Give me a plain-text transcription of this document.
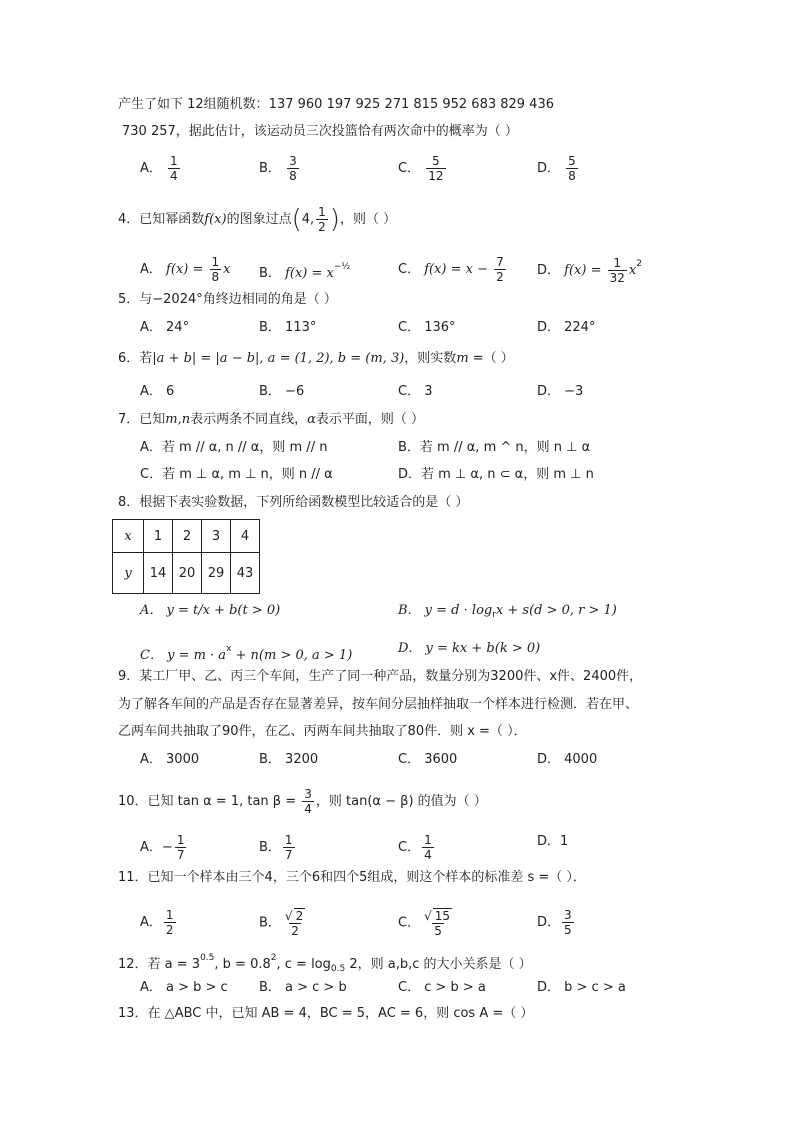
产生了如下 12组随机数：137 960 197 925 271 815 952 683 829 436
730 257，据此估计，该运动员三次投篮恰有两次命中的概率为（ ）
A． $\frac{1}{4}$	B． $\frac{3}{8}$	C． $\frac{5}{12}$	D． $\frac{5}{8}$
4．已知幂函数f(x)的图象过点(4, $\frac{1}{2}$ )，则（ ）
A． $f(x) = \frac{1}{8}$ x B． $f(x) = x^{-\frac{1}{2}}$	C． $f(x) = x - \frac{7}{2}$ D． $f(x) = \frac{1}{32} x^2$
5．与−2024°角终边相同的角是（ ）
A． 24°	B． 113°	C． 136°	D． 224°
6．若|a + b| = |a − b|, a = (1, 2), b = (m, 3)，则实数m =（ ）
A． 6	B． −6	C． 3	D． −3
7．已知m,n表示两条不同直线，α表示平面，则（ ）
A．若 m // α, n // α，则 m // n	B．若 m // α, m ^ n，则 n ⊥ α
C．若 m ⊥ α, m ⊥ n，则 n // α	D．若 m ⊥ α, n ⊂ α，则 m ⊥ n
8．根据下表实验数据，下列所给函数模型比较适合的是（ ）
x	1	2	3	4
y	14	20	29	43
A． y = t/x + b(t > 0)	B． $y = d \cdot \log_rx + s(d > 0$, r > 1)
C． $y = m \cdot a^x + n(m > 0$, a > 1)	D． y = kx + b(k > 0)
9．某工厂甲、乙、丙三个车间，生产了同一种产品，数量分别为3200件、x件、2400件，
为了解各车间的产品是否存在显著差异，按车间分层抽样抽取一个样本进行检测．若在甲、
乙两车间共抽取了90件，在乙、丙两车间共抽取了80件．则 x =（ ）．
A． 3000	B． 3200	C． 3600	D． 4000
10．已知 tan α = 1, $\tan \beta = \frac{3}{4}$ ，则 tan(α − β) 的值为（ ）
A．− $\frac{1}{7}$	B． $\frac{1}{7}$	C． $\frac{1}{4}$	D．1
11．已知一个样本由三个4，三个6和四个5组成，则这个样本的标准差 s =（ ）．
A． $\frac{1}{2}$	B． $\frac{√ 2}{2}$	C． $\frac{√ 15}{5}$	D． $\frac{3}{5}$
12．若 $a = 3^{0.5}$, $b = 0.8^2$, $c = \log_{0.5} 2$，则 a,b,c 的大小关系是（ ）
A． a > b > c B． a > c > b	C． c > b > a	D． b > c > a
13．在 △ABC 中，已知 AB = 4，BC = 5，AC = 6，则 cos A =（ ）
